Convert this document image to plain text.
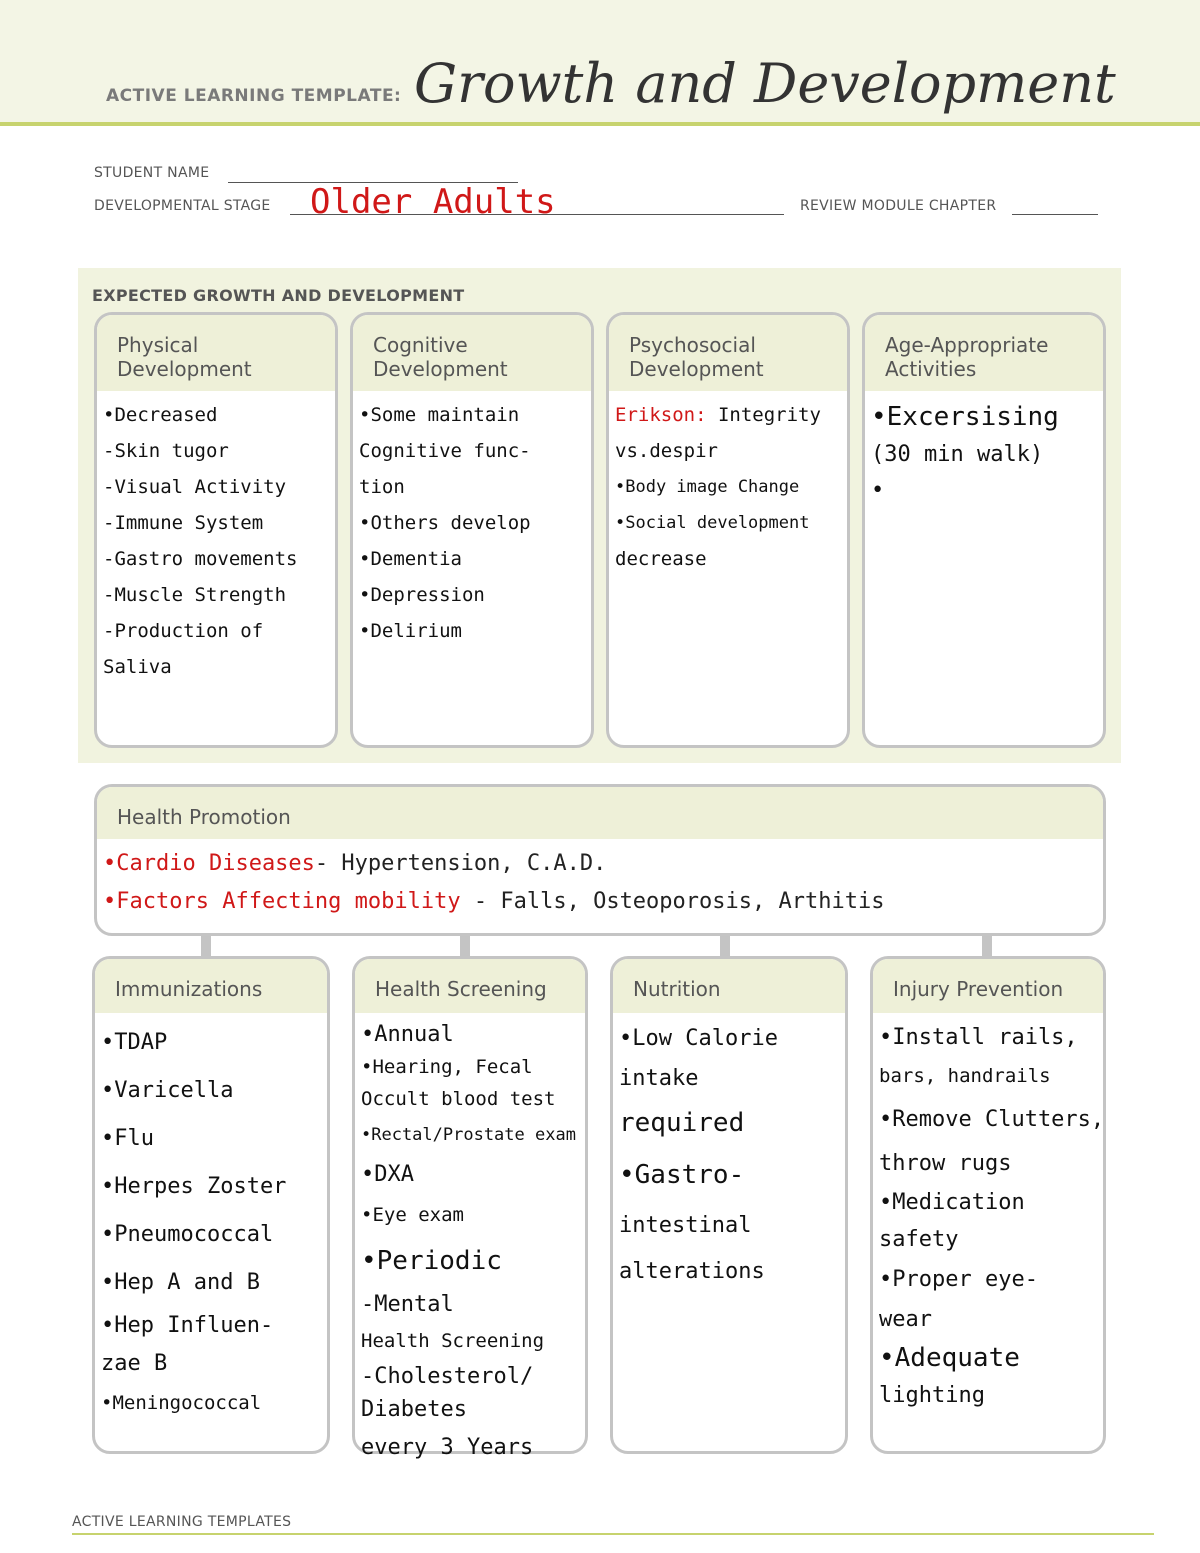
ACTIVE LEARNING TEMPLATE: Growth and Development
STUDENT NAME
DEVELOPMENTAL STAGE Older Adults	REVIEW MODULE CHAPTER
EXPECTED GROWTH AND DEVELOPMENT
Physical
Development
•Decreased
-Skin tugor
-Visual Activity
-Immune System
-Gastro movements
-Muscle Strength
-Production of
Saliva
Cognitive
Development
•Some maintain
Cognitive func-
tion
•Others develop
•Dementia
•Depression
•Delirium
Psychosocial
Development
Erikson: Integrity
vs.despir
•Body image Change
•Social development
decrease
Age-Appropriate
Activities
•Excersising
(30 min walk)
•
Health Promotion
•Cardio Diseases- Hypertension, C.A.D.
•Factors Affecting mobility - Falls, Osteoporosis, Arthitis
Immunizations
•TDAP
•Varicella
•Flu
•Herpes Zoster
•Pneumococcal
•Hep A and B
•Hep Influen-
zae B
•Meningococcal
Health Screening
•Annual
•Hearing, Fecal
Occult blood test
•Rectal/Prostate exam
•DXA
•Eye exam
•Periodic
-Mental
Health Screening
-Cholesterol/
Diabetes
every 3 Years
Nutrition
•Low Calorie
intake
required
•Gastro-
intestinal
alterations
Injury Prevention
•Install rails,
bars, handrails
•Remove Clutters,
throw rugs
•Medication
safety
•Proper eye-
wear
•Adequate
lighting
ACTIVE LEARNING TEMPLATES
